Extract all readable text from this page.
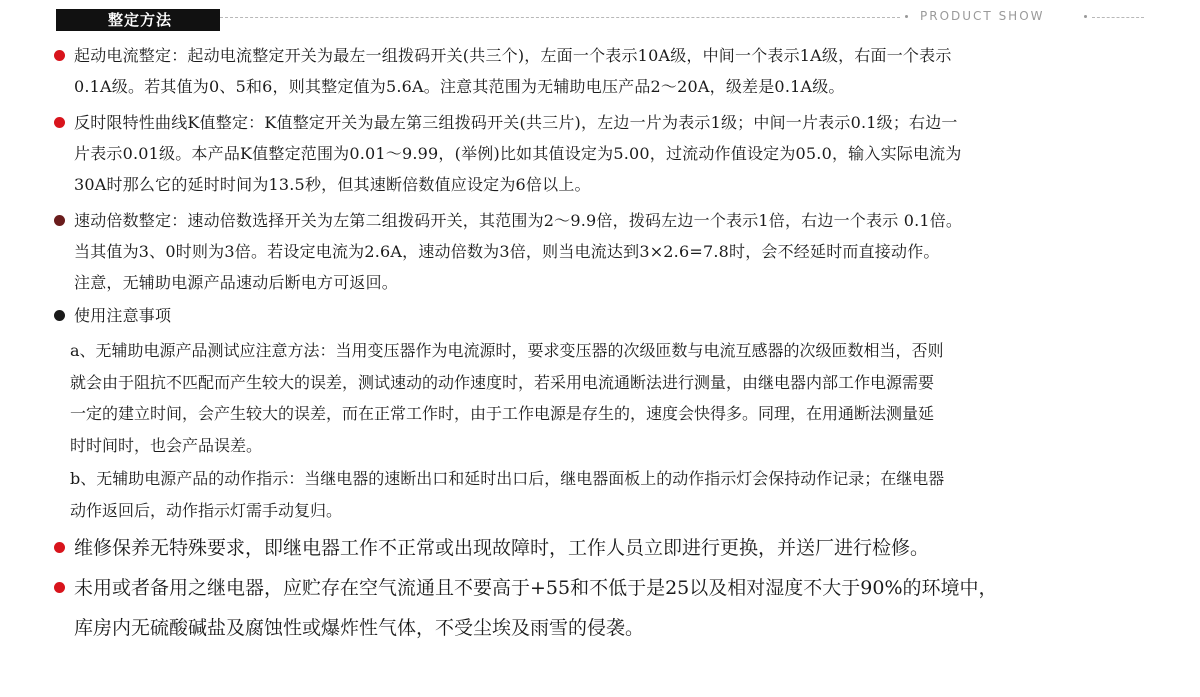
整定方法	PRODUCT SHOW

起动电流整定：起动电流整定开关为最左一组拨码开关(共三个)，左面一个表示10A级，中间一个表示1A级，右面一个表示

0.1A级。若其值为0、5和6，则其整定值为5.6A。注意其范围为无辅助电压产品2～20A，级差是0.1A级。

反时限特性曲线K值整定：K值整定开关为最左第三组拨码开关(共三片)，左边一片为表示1级；中间一片表示0.1级；右边一

片表示0.01级。本产品K值整定范围为0.01～9.99，(举例)比如其值设定为5.00，过流动作值设定为05.0，输入实际电流为

30A时那么它的延时时间为13.5秒，但其速断倍数值应设定为6倍以上。

速动倍数整定：速动倍数选择开关为左第二组拨码开关，其范围为2～9.9倍，拨码左边一个表示1倍，右边一个表示 0.1倍。

当其值为3、0时则为3倍。若设定电流为2.6A，速动倍数为3倍，则当电流达到3×2.6=7.8时，会不经延时而直接动作。

注意，无辅助电源产品速动后断电方可返回。

使用注意事项

a、无辅助电源产品测试应注意方法：当用变压器作为电流源时，要求变压器的次级匝数与电流互感器的次级匝数相当，否则

就会由于阻抗不匹配而产生较大的误差，测试速动的动作速度时，若采用电流通断法进行测量，由继电器内部工作电源需要

一定的建立时间，会产生较大的误差，而在正常工作时，由于工作电源是存生的，速度会快得多。同理，在用通断法测量延

时时间时，也会产品误差。

b、无辅助电源产品的动作指示：当继电器的速断出口和延时出口后，继电器面板上的动作指示灯会保持动作记录；在继电器

动作返回后，动作指示灯需手动复归。

维修保养无特殊要求，即继电器工作不正常或出现故障时，工作人员立即进行更换，并送厂进行检修。

未用或者备用之继电器，应贮存在空气流通且不要高于+55和不低于是25以及相对湿度不大于90%的环境中，

库房内无硫酸碱盐及腐蚀性或爆炸性气体，不受尘埃及雨雪的侵袭。
